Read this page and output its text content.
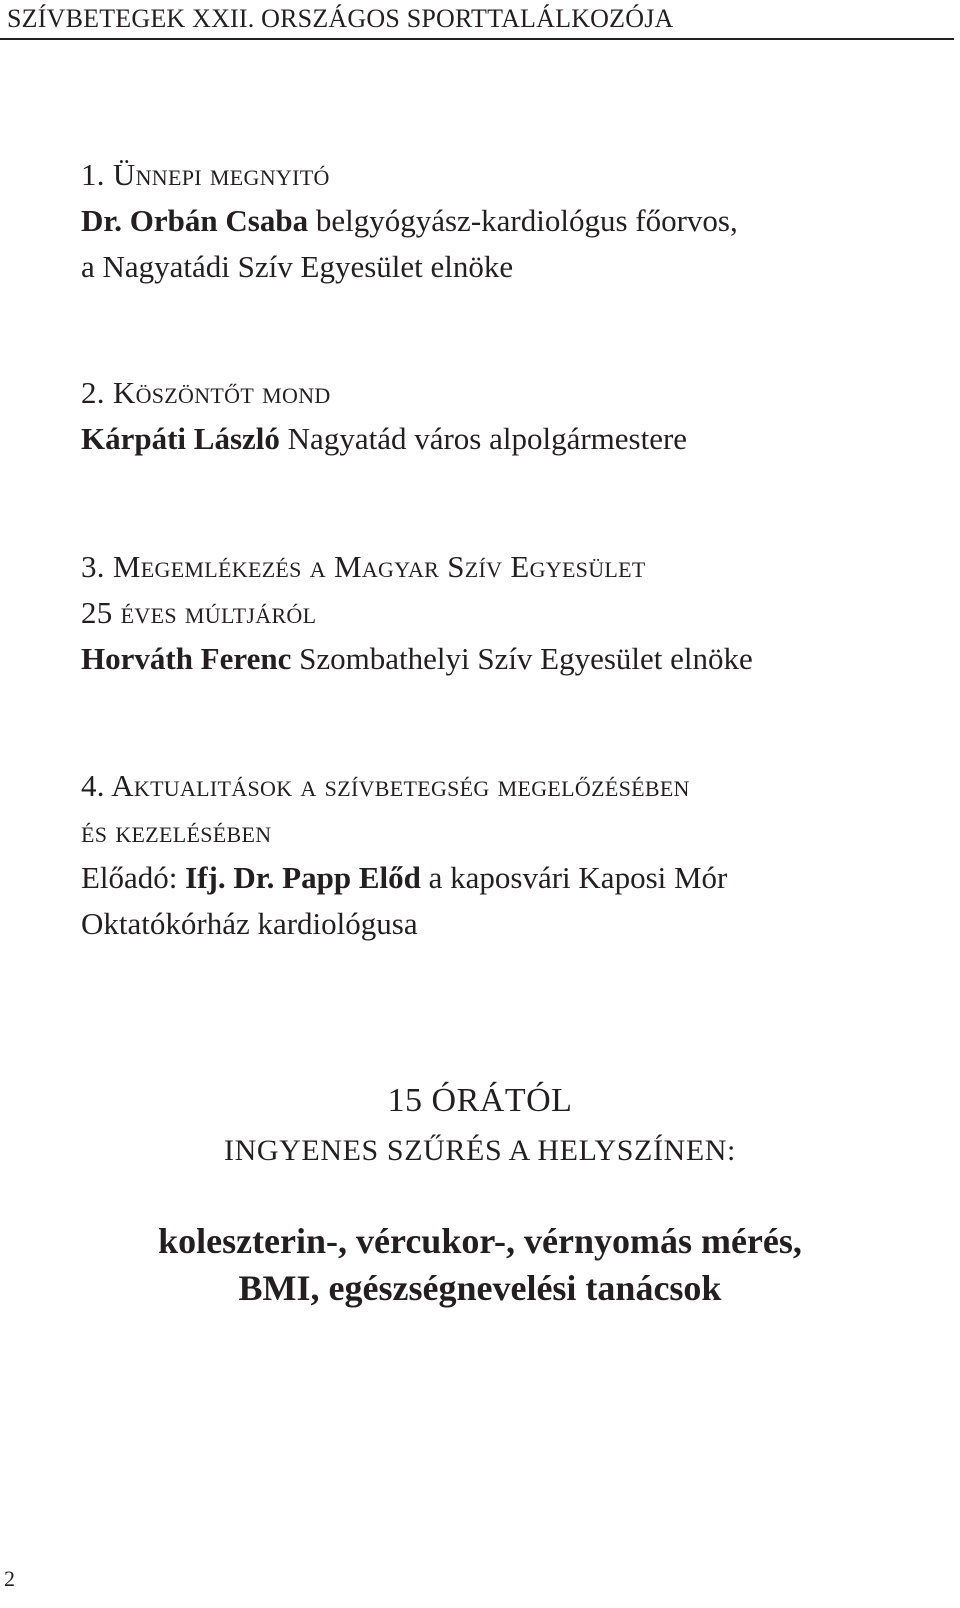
SZÍVBETEGEK XXII. ORSZÁGOS SPORTTALÁLKOZÓJA
1. Ünnepi megnyitó
Dr. Orbán Csaba belgyógyász-kardiológus főorvos,
a Nagyatádi Szív Egyesület elnöke
2. Köszöntőt mond
Kárpáti László Nagyatád város alpolgármestere
3. Megemlékezés a Magyar Szív Egyesület
25 éves múltjáról
Horváth Ferenc Szombathelyi Szív Egyesület elnöke
4. Aktualitások a szívbetegség megelőzésében
és kezelésében
Előadó: Ifj. Dr. Papp Előd a kaposvári Kaposi Mór
Oktatókórház kardiológusa
15 ÓRÁTÓL
INGYENES SZŰRÉS A HELYSZÍNEN:
koleszterin-, vércukor-, vérnyomás mérés,
BMI, egészségnevelési tanácsok
2
